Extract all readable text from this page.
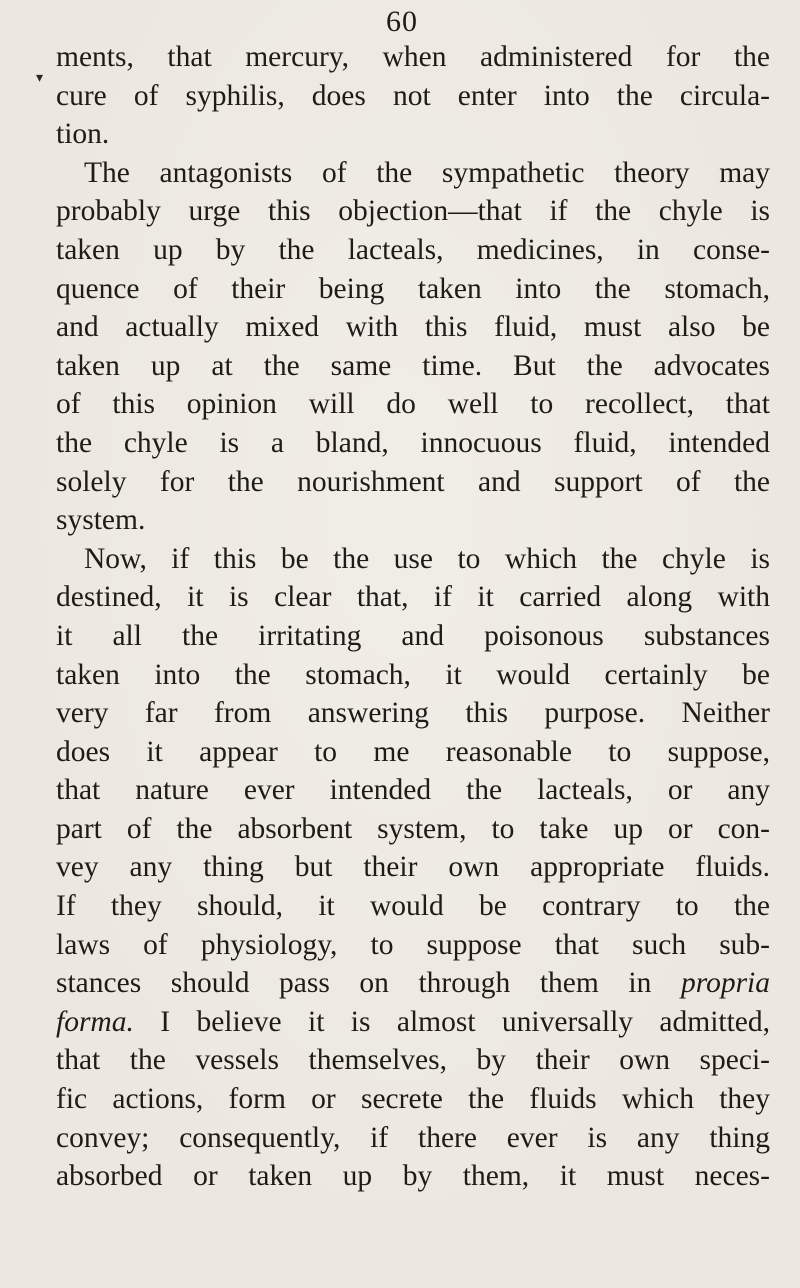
60
▾
ments, that mercury, when administered for the
cure of syphilis, does not enter into the circula-
tion.
The antagonists of the sympathetic theory may
probably urge this objection—that if the chyle is
taken up by the lacteals, medicines, in conse-
quence of their being taken into the stomach,
and actually mixed with this fluid, must also be
taken up at the same time. But the advocates
of this opinion will do well to recollect, that
the chyle is a bland, innocuous fluid, intended
solely for the nourishment and support of the
system.
Now, if this be the use to which the chyle is
destined, it is clear that, if it carried along with
it all the irritating and poisonous substances
taken into the stomach, it would certainly be
very far from answering this purpose. Neither
does it appear to me reasonable to suppose,
that nature ever intended the lacteals, or any
part of the absorbent system, to take up or con-
vey any thing but their own appropriate fluids.
If they should, it would be contrary to the
laws of physiology, to suppose that such sub-
stances should pass on through them in propria
forma. I believe it is almost universally admitted,
that the vessels themselves, by their own speci-
fic actions, form or secrete the fluids which they
convey; consequently, if there ever is any thing
absorbed or taken up by them, it must neces-
